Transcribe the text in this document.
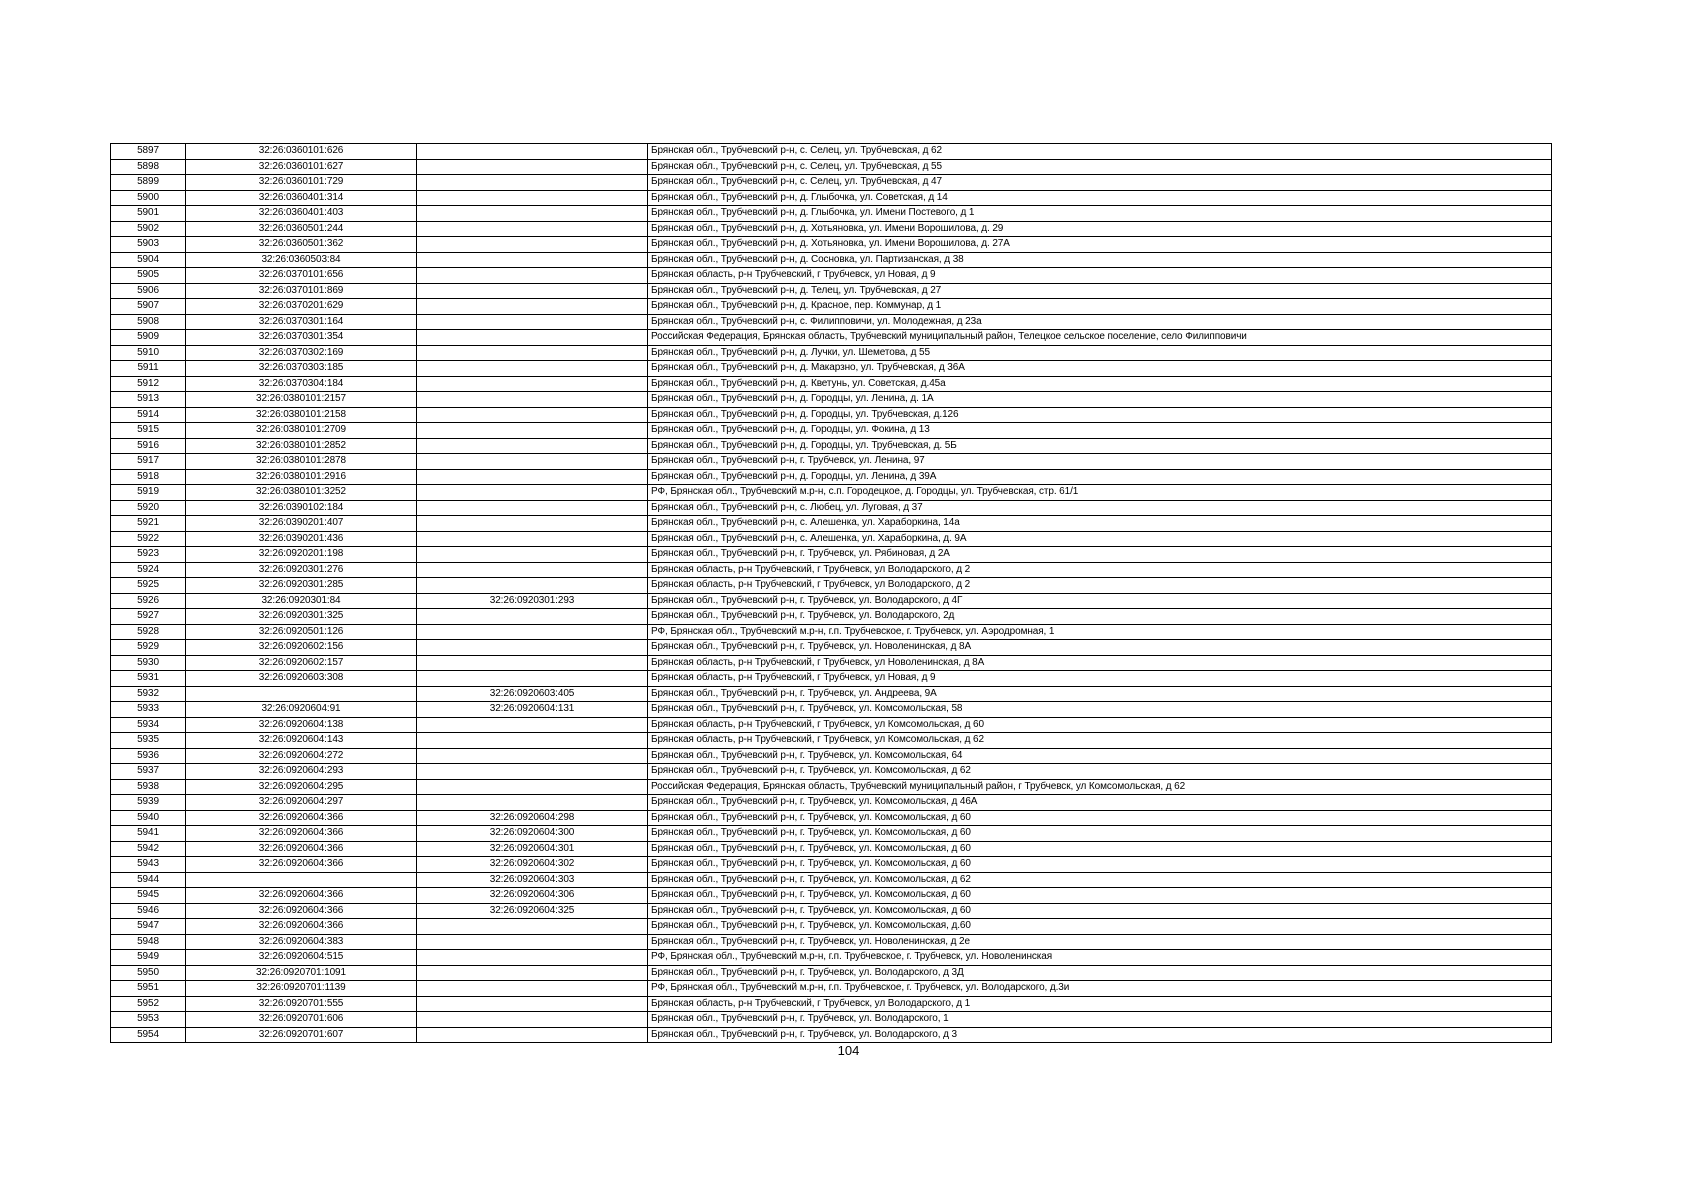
5897	32:26:0360101:626		Брянская обл., Трубчевский р-н, с. Селец, ул. Трубчевская, д 62
5898	32:26:0360101:627		Брянская обл., Трубчевский р-н, с. Селец, ул. Трубчевская, д 55
5899	32:26:0360101:729		Брянская обл., Трубчевский р-н, с. Селец, ул. Трубчевская, д 47
5900	32:26:0360401:314		Брянская обл., Трубчевский р-н, д. Глыбочка, ул. Советская, д 14
5901	32:26:0360401:403		Брянская обл., Трубчевский р-н, д. Глыбочка, ул. Имени Постевого, д 1
5902	32:26:0360501:244		Брянская обл., Трубчевский р-н, д. Хотьяновка, ул. Имени Ворошилова, д. 29
5903	32:26:0360501:362		Брянская обл., Трубчевский р-н, д. Хотьяновка, ул. Имени Ворошилова, д. 27А
5904	32:26:0360503:84		Брянская обл., Трубчевский р-н, д. Сосновка, ул. Партизанская, д 38
5905	32:26:0370101:656		Брянская область, р-н Трубчевский, г Трубчевск, ул Новая, д 9
5906	32:26:0370101:869		Брянская обл., Трубчевский р-н, д. Телец, ул. Трубчевская, д 27
5907	32:26:0370201:629		Брянская обл., Трубчевский р-н, д. Красное, пер. Коммунар, д 1
5908	32:26:0370301:164		Брянская обл., Трубчевский р-н, с. Филипповичи, ул. Молодежная, д 23а
5909	32:26:0370301:354		Российская Федерация, Брянская область, Трубчевский муниципальный район, Телецкое сельское поселение, село Филипповичи
5910	32:26:0370302:169		Брянская обл., Трубчевский р-н, д. Лучки, ул. Шеметова, д 55
5911	32:26:0370303:185		Брянская обл., Трубчевский р-н, д. Макарзно, ул. Трубчевская, д 36А
5912	32:26:0370304:184		Брянская обл., Трубчевский р-н, д. Кветунь, ул. Советская, д.45а
5913	32:26:0380101:2157		Брянская обл., Трубчевский р-н, д. Городцы, ул. Ленина, д. 1А
5914	32:26:0380101:2158		Брянская обл., Трубчевский р-н, д. Городцы, ул. Трубчевская, д.126
5915	32:26:0380101:2709		Брянская обл., Трубчевский р-н, д. Городцы, ул. Фокина, д 13
5916	32:26:0380101:2852		Брянская обл., Трубчевский р-н, д. Городцы, ул. Трубчевская, д. 5Б
5917	32:26:0380101:2878		Брянская обл., Трубчевский р-н, г. Трубчевск, ул. Ленина, 97
5918	32:26:0380101:2916		Брянская обл., Трубчевский р-н, д. Городцы, ул. Ленина, д 39А
5919	32:26:0380101:3252		РФ, Брянская обл., Трубчевский м.р-н, с.п. Городецкое, д. Городцы, ул. Трубчевская, стр. 61/1
5920	32:26:0390102:184		Брянская обл., Трубчевский р-н, с. Любец, ул. Луговая, д 37
5921	32:26:0390201:407		Брянская обл., Трубчевский р-н, с. Алешенка, ул. Хараборкина, 14а
5922	32:26:0390201:436		Брянская обл., Трубчевский р-н, с. Алешенка, ул. Хараборкина, д. 9А
5923	32:26:0920201:198		Брянская обл., Трубчевский р-н, г. Трубчевск, ул. Рябиновая, д 2А
5924	32:26:0920301:276		Брянская область, р-н Трубчевский, г Трубчевск, ул Володарского, д 2
5925	32:26:0920301:285		Брянская область, р-н Трубчевский, г Трубчевск, ул Володарского, д 2
5926	32:26:0920301:84	32:26:0920301:293	Брянская обл., Трубчевский р-н, г. Трубчевск, ул. Володарского, д 4Г
5927	32:26:0920301:325		Брянская обл., Трубчевский р-н, г. Трубчевск, ул. Володарского, 2д
5928	32:26:0920501:126		РФ, Брянская обл., Трубчевский м.р-н, г.п. Трубчевское, г. Трубчевск, ул. Аэродромная, 1
5929	32:26:0920602:156		Брянская обл., Трубчевский р-н, г. Трубчевск, ул. Новоленинская, д 8А
5930	32:26:0920602:157		Брянская область, р-н Трубчевский, г Трубчевск, ул Новоленинская, д 8А
5931	32:26:0920603:308		Брянская область, р-н Трубчевский, г Трубчевск, ул Новая, д 9
5932		32:26:0920603:405	Брянская обл., Трубчевский р-н, г. Трубчевск, ул. Андреева, 9А
5933	32:26:0920604:91	32:26:0920604:131	Брянская обл., Трубчевский р-н, г. Трубчевск, ул. Комсомольская, 58
5934	32:26:0920604:138		Брянская область, р-н Трубчевский, г Трубчевск, ул Комсомольская, д 60
5935	32:26:0920604:143		Брянская область, р-н Трубчевский, г Трубчевск, ул Комсомольская, д 62
5936	32:26:0920604:272		Брянская обл., Трубчевский р-н, г. Трубчевск, ул. Комсомольская, 64
5937	32:26:0920604:293		Брянская обл., Трубчевский р-н, г. Трубчевск, ул. Комсомольская, д 62
5938	32:26:0920604:295		Российская Федерация, Брянская область, Трубчевский муниципальный район, г Трубчевск, ул Комсомольская, д 62
5939	32:26:0920604:297		Брянская обл., Трубчевский р-н, г. Трубчевск, ул. Комсомольская, д 46А
5940	32:26:0920604:366	32:26:0920604:298	Брянская обл., Трубчевский р-н, г. Трубчевск, ул. Комсомольская, д 60
5941	32:26:0920604:366	32:26:0920604:300	Брянская обл., Трубчевский р-н, г. Трубчевск, ул. Комсомольская, д 60
5942	32:26:0920604:366	32:26:0920604:301	Брянская обл., Трубчевский р-н, г. Трубчевск, ул. Комсомольская, д 60
5943	32:26:0920604:366	32:26:0920604:302	Брянская обл., Трубчевский р-н, г. Трубчевск, ул. Комсомольская, д 60
5944		32:26:0920604:303	Брянская обл., Трубчевский р-н, г. Трубчевск, ул. Комсомольская, д 62
5945	32:26:0920604:366	32:26:0920604:306	Брянская обл., Трубчевский р-н, г. Трубчевск, ул. Комсомольская, д 60
5946	32:26:0920604:366	32:26:0920604:325	Брянская обл., Трубчевский р-н, г. Трубчевск, ул. Комсомольская, д 60
5947	32:26:0920604:366		Брянская обл., Трубчевский р-н, г. Трубчевск, ул. Комсомольская, д.60
5948	32:26:0920604:383		Брянская обл., Трубчевский р-н, г. Трубчевск, ул. Новоленинская, д 2е
5949	32:26:0920604:515		РФ, Брянская обл., Трубчевский м.р-н, г.п. Трубчевское, г. Трубчевск, ул. Новоленинская
5950	32:26:0920701:1091		Брянская обл., Трубчевский р-н, г. Трубчевск, ул. Володарского, д 3Д
5951	32:26:0920701:1139		РФ, Брянская обл., Трубчевский м.р-н, г.п. Трубчевское, г. Трубчевск, ул. Володарского, д.3и
5952	32:26:0920701:555		Брянская область, р-н Трубчевский, г Трубчевск, ул Володарского, д 1
5953	32:26:0920701:606		Брянская обл., Трубчевский р-н, г. Трубчевск, ул. Володарского, 1
5954	32:26:0920701:607		Брянская обл., Трубчевский р-н, г. Трубчевск, ул. Володарского, д 3
104
